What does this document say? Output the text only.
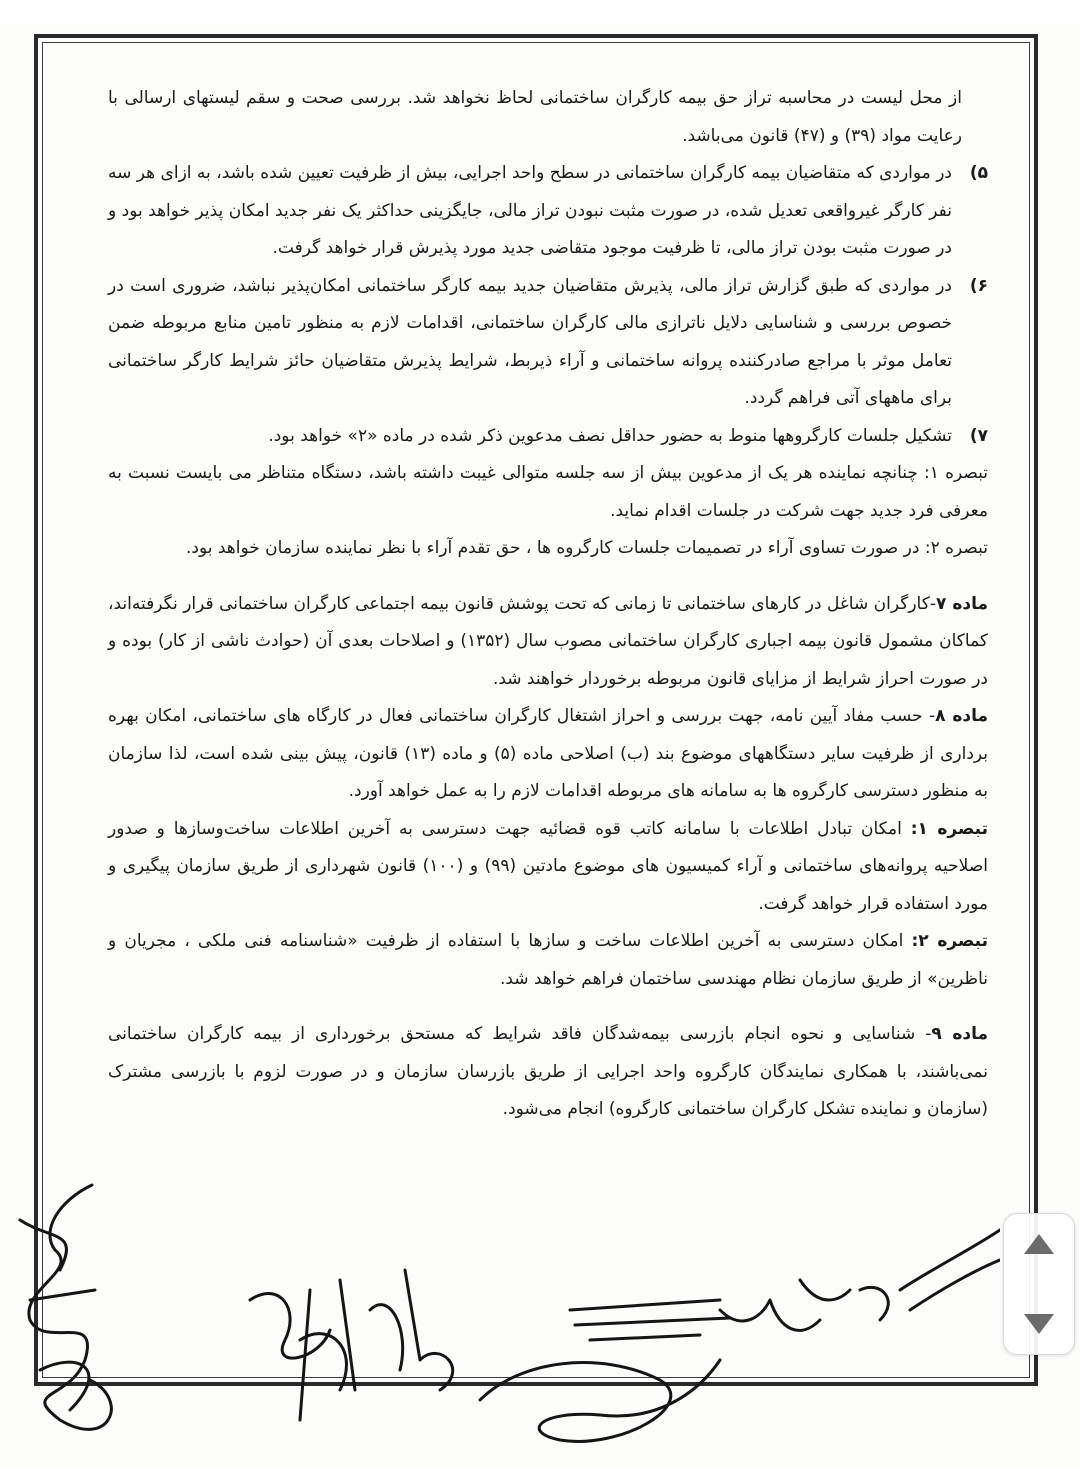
از محل لیست در محاسبه تراز حق بیمه کارگران ساختمانی لحاظ نخواهد شد. بررسی صحت و سقم لیستهای ارسالی با رعایت مواد (۳۹) و (۴۷) قانون می‌باشد.

۵)
در مواردی که متقاضیان بیمه کارگران ساختمانی در سطح واحد اجرایی، بیش از ظرفیت تعیین شده باشد، به ازای هر سه نفر کارگر غیرواقعی تعدیل شده، در صورت مثبت نبودن تراز مالی، جایگزینی حداکثر یک نفر جدید امکان پذیر خواهد بود و در صورت مثبت بودن تراز مالی، تا ظرفیت موجود متقاضی جدید مورد پذیرش قرار خواهد گرفت.
۶)
در مواردی که طبق گزارش تراز مالی، پذیرش متقاضیان جدید بیمه کارگر ساختمانی امکان‌پذیر نباشد، ضروری است در خصوص بررسی و شناسایی دلایل ناترازی مالی کارگران ساختمانی، اقدامات لازم به منظور تامین منابع مربوطه ضمن تعامل موثر با مراجع صادرکننده پروانه ساختمانی و آراء ذیربط، شرایط پذیرش متقاضیان حائز شرایط کارگر ساختمانی برای ماههای آتی فراهم گردد.
۷)
تشکیل جلسات کارگروهها منوط به حضور حداقل نصف مدعوین ذکر شده در ماده «۲» خواهد بود.

تبصره ۱: چنانچه نماینده هر یک از مدعوین بیش از سه جلسه متوالی غیبت داشته باشد، دستگاه متناظر می بایست نسبت به معرفی فرد جدید جهت شرکت در جلسات اقدام نماید.

تبصره ۲: در صورت تساوی آراء در تصمیمات جلسات کارگروه ها ، حق تقدم آراء با نظر نماینده سازمان خواهد بود.

ماده ۷-کارگران شاغل در کارهای ساختمانی تا زمانی که تحت پوشش قانون بیمه اجتماعی کارگران ساختمانی قرار نگرفته‌اند، کماکان مشمول قانون بیمه اجباری کارگران ساختمانی مصوب سال (۱۳۵۲) و اصلاحات بعدی آن (حوادث ناشی از کار) بوده و در صورت احراز شرایط از مزایای قانون مربوطه برخوردار خواهند شد.

ماده ۸- حسب مفاد آیین نامه، جهت بررسی و احراز اشتغال کارگران ساختمانی فعال در کارگاه های ساختمانی، امکان بهره برداری از ظرفیت سایر دستگاههای موضوع بند (ب) اصلاحی ماده (۵) و ماده (۱۳) قانون، پیش بینی شده است، لذا سازمان به منظور دسترسی کارگروه ها به سامانه های مربوطه اقدامات لازم را به عمل خواهد آورد.

تبصره ۱: امکان تبادل اطلاعات با سامانه کاتب قوه قضائیه جهت دسترسی به آخرین اطلاعات ساخت‌وسازها و صدور اصلاحیه پروانه‌های ساختمانی و آراء کمیسیون های موضوع مادتین (۹۹) و (۱۰۰) قانون شهرداری از طریق سازمان پیگیری و مورد استفاده قرار خواهد گرفت.

تبصره ۲: امکان دسترسی به آخرین اطلاعات ساخت و سازها با استفاده از ظرفیت «شناسنامه فنی ملکی ، مجریان و ناظرین» از طریق سازمان نظام مهندسی ساختمان فراهم خواهد شد.

ماده ۹- شناسایی و نحوه انجام بازرسی بیمه‌شدگان فاقد شرایط که مستحق برخورداری از بیمه کارگران ساختمانی نمی‌باشند، با همکاری نمایندگان کارگروه واحد اجرایی از طریق بازرسان سازمان و در صورت لزوم با بازرسی مشترک (سازمان و نماینده تشکل کارگران ساختمانی کارگروه) انجام می‌شود.
